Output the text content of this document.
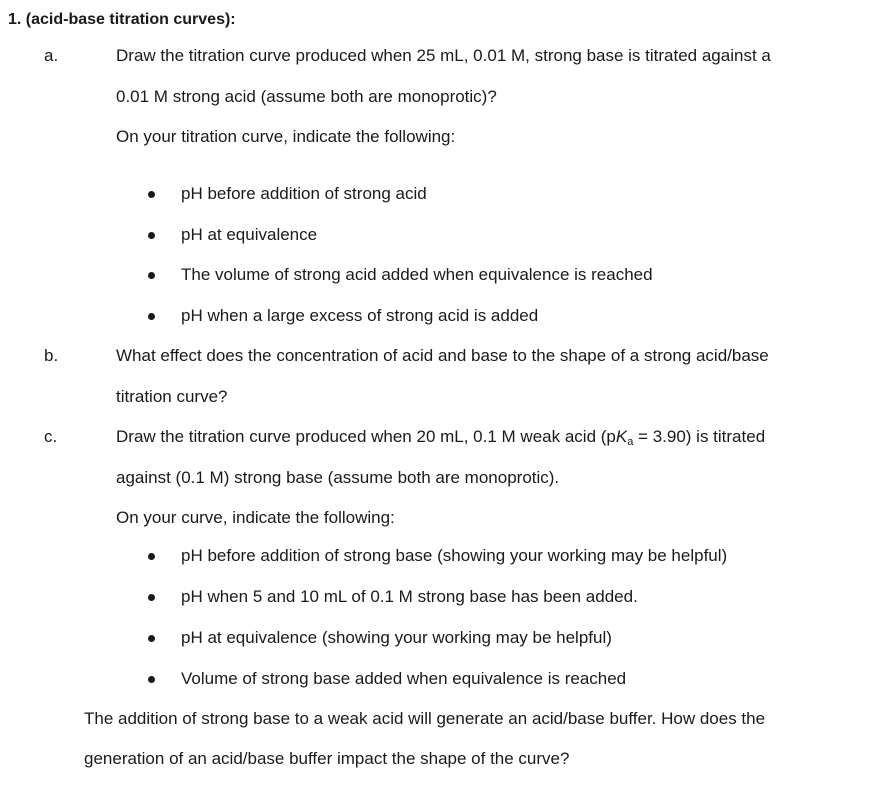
1. (acid-base titration curves):
a.	Draw the titration curve produced when 25 mL, 0.01 M, strong base is titrated against a
0.01 M strong acid (assume both are monoprotic)?
On your titration curve, indicate the following:
pH before addition of strong acid
pH at equivalence
The volume of strong acid added when equivalence is reached
pH when a large excess of strong acid is added
b.	What effect does the concentration of acid and base to the shape of a strong acid/base
titration curve?
c.	Draw the titration curve produced when 20 mL, 0.1 M weak acid $(pK_a = 3.90)$ is titrated
against (0.1 M) strong base (assume both are monoprotic).
On your curve, indicate the following:
pH before addition of strong base (showing your working may be helpful)
pH when 5 and 10 mL of 0.1 M strong base has been added.
pH at equivalence (showing your working may be helpful)
Volume of strong base added when equivalence is reached
The addition of strong base to a weak acid will generate an acid/base buffer. How does the
generation of an acid/base buffer impact the shape of the curve?
